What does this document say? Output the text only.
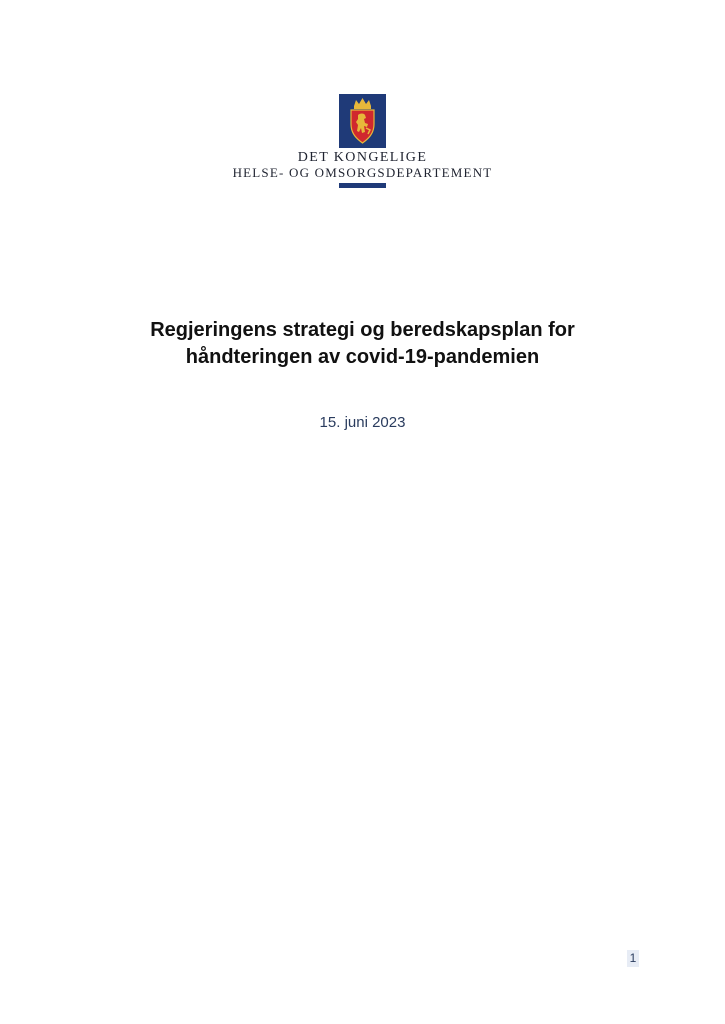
DET KONGELIGE
HELSE- OG OMSORGSDEPARTEMENT
Regjeringens strategi og beredskapsplan for
håndteringen av covid-19-pandemien
15. juni 2023
1
